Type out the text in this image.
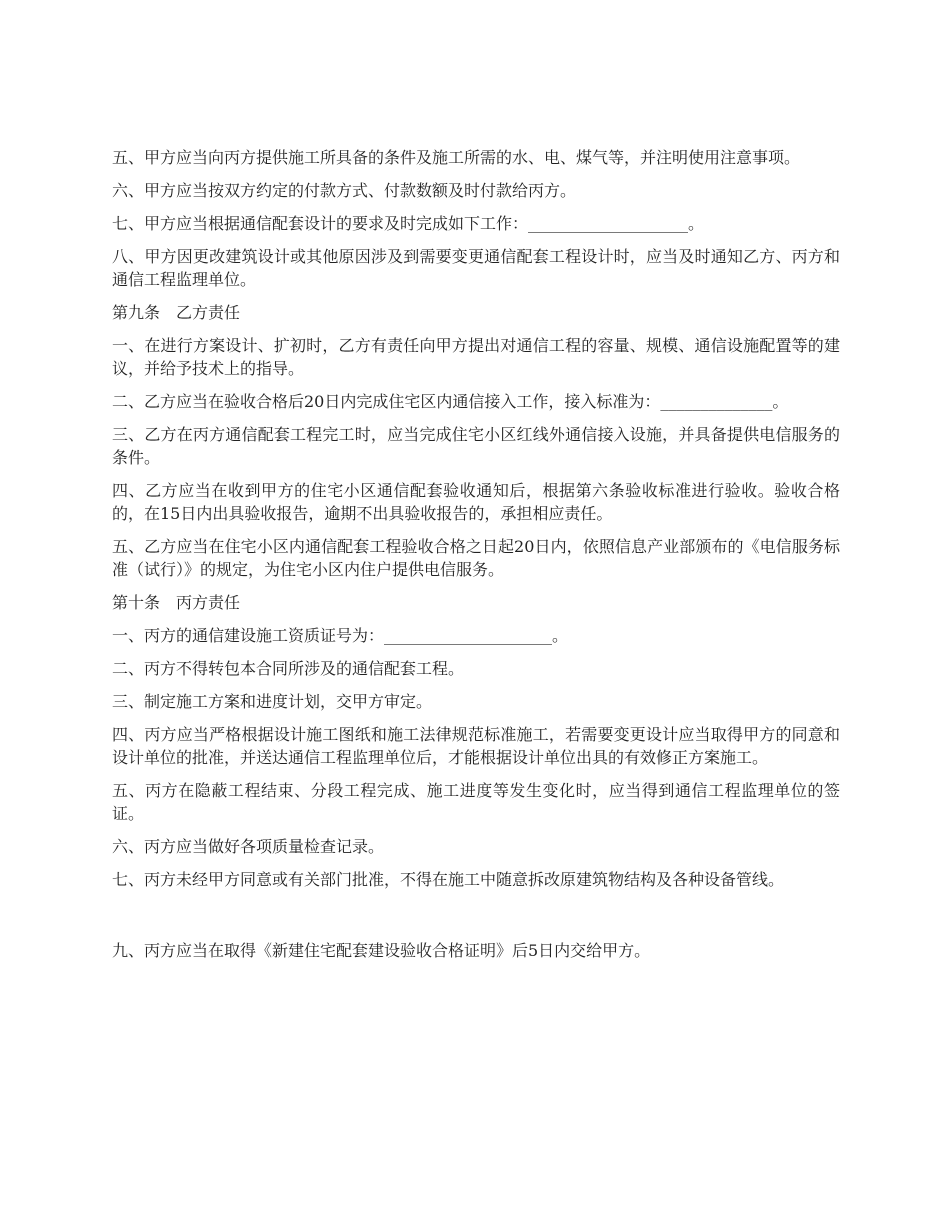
五、甲方应当向丙方提供施工所具备的条件及施工所需的水、电、煤气等，并注明使用注意事项。

六、甲方应当按双方约定的付款方式、付款数额及时付款给丙方。

七、甲方应当根据通信配套设计的要求及时完成如下工作：____________________。

八、甲方因更改建筑设计或其他原因涉及到需要变更通信配套工程设计时，应当及时通知乙方、丙方和通信工程监理单位。

第九条　乙方责任

一、在进行方案设计、扩初时，乙方有责任向甲方提出对通信工程的容量、规模、通信设施配置等的建议，并给予技术上的指导。

二、乙方应当在验收合格后20日内完成住宅区内通信接入工作，接入标准为：______________。

三、乙方在丙方通信配套工程完工时，应当完成住宅小区红线外通信接入设施，并具备提供电信服务的条件。

四、乙方应当在收到甲方的住宅小区通信配套验收通知后，根据第六条验收标准进行验收。验收合格的，在15日内出具验收报告，逾期不出具验收报告的，承担相应责任。

五、乙方应当在住宅小区内通信配套工程验收合格之日起20日内，依照信息产业部颁布的《电信服务标准（试行）》的规定，为住宅小区内住户提供电信服务。

第十条　丙方责任

一、丙方的通信建设施工资质证号为：_____________________。

二、丙方不得转包本合同所涉及的通信配套工程。

三、制定施工方案和进度计划，交甲方审定。

四、丙方应当严格根据设计施工图纸和施工法律规范标准施工，若需要变更设计应当取得甲方的同意和设计单位的批准，并送达通信工程监理单位后，才能根据设计单位出具的有效修正方案施工。

五、丙方在隐蔽工程结束、分段工程完成、施工进度等发生变化时，应当得到通信工程监理单位的签证。

六、丙方应当做好各项质量检查记录。

七、丙方未经甲方同意或有关部门批准，不得在施工中随意拆改原建筑物结构及各种设备管线。

九、丙方应当在取得《新建住宅配套建设验收合格证明》后5日内交给甲方。
